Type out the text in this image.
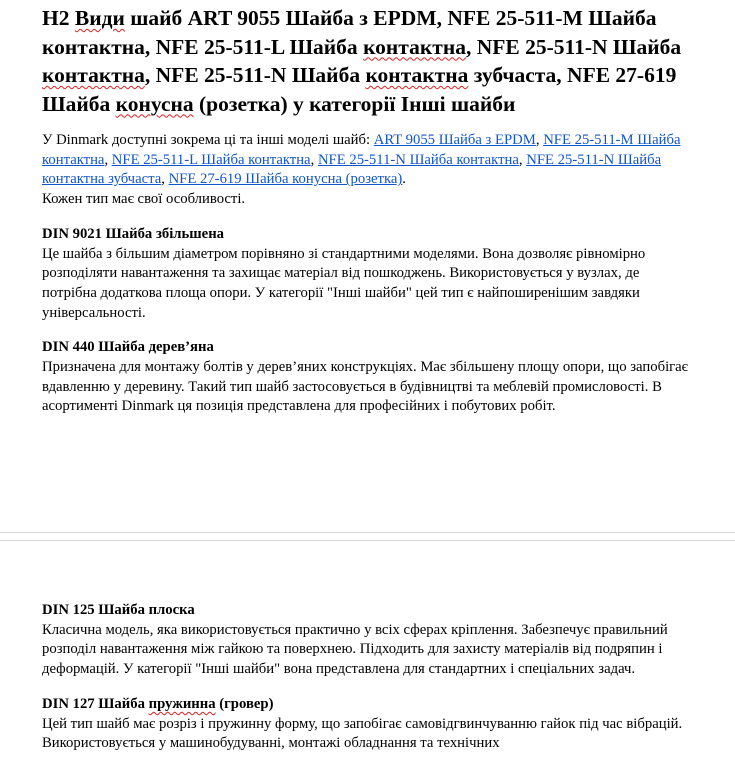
H2 Види шайб ART 9055 Шайба з EPDM, NFE 25-511-M Шайба контактна, NFE 25-511-L Шайба контактна, NFE 25-511-N Шайба контактна, NFE 25-511-N Шайба контактна зубчаста, NFE 27-619 Шайба конусна (розетка) у категорії Інші шайби

У Dinmark доступні зокрема ці та інші моделі шайб: ART 9055 Шайба з EPDM, NFE 25-511-M Шайба контактна, NFE 25-511-L Шайба контактна, NFE 25-511-N Шайба контактна, NFE 25-511-N Шайба контактна зубчаста, NFE 27-619 Шайба конусна (розетка).
Кожен тип має свої особливості.

DIN 9021 Шайба збільшена

Це шайба з більшим діаметром порівняно зі стандартними моделями. Вона дозволяє рівномірно розподіляти навантаження та захищає матеріал від пошкоджень. Використовується у вузлах, де потрібна додаткова площа опори. У категорії "Інші шайби" цей тип є найпоширенішим завдяки універсальності.

DIN 440 Шайба дерев’яна

Призначена для монтажу болтів у дерев’яних конструкціях. Має збільшену площу опори, що запобігає вдавленню у деревину. Такий тип шайб застосовується в будівництві та меблевій промисловості. В асортименті Dinmark ця позиція представлена для професійних і побутових робіт.

DIN 125 Шайба плоска

Класична модель, яка використовується практично у всіх сферах кріплення. Забезпечує правильний розподіл навантаження між гайкою та поверхнею. Підходить для захисту матеріалів від подряпин і деформацій. У категорії "Інші шайби" вона представлена для стандартних і спеціальних задач.

DIN 127 Шайба пружинна (гровер)

Цей тип шайб має розріз і пружинну форму, що запобігає самовідгвинчуванню гайок під час вібрацій. Використовується у машинобудуванні, монтажі обладнання та технічних
